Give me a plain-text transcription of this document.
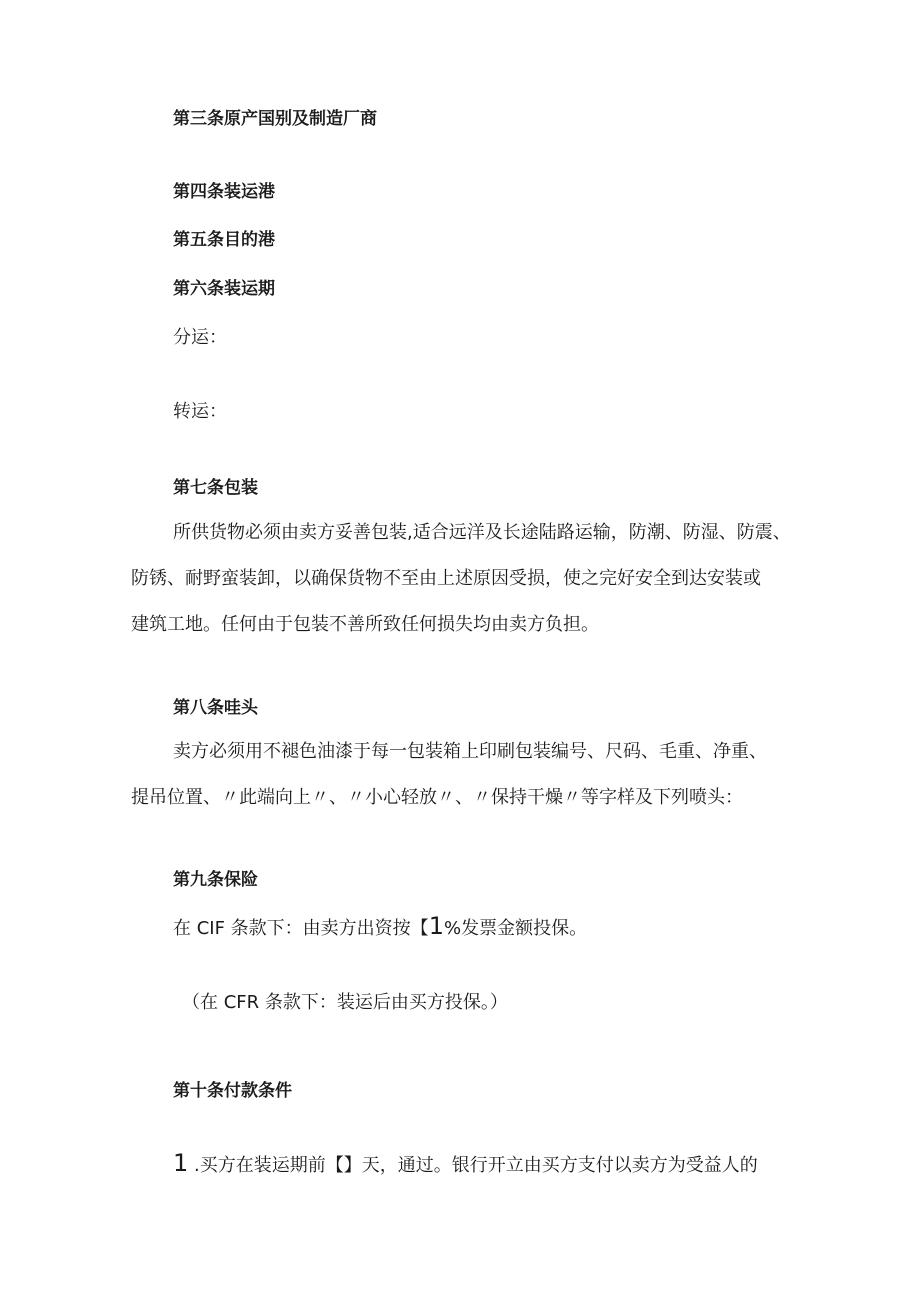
第三条原产国别及制造厂商
第四条装运港
第五条目的港
第六条装运期
分运：
转运：
第七条包装
所供货物必须由卖方妥善包装,适合远洋及长途陆路运输，防潮、防湿、防震、
防锈、耐野蛮装卸，以确保货物不至由上述原因受损，使之完好安全到达安装或
建筑工地。任何由于包装不善所致任何损失均由卖方负担。
第八条哇头
卖方必须用不褪色油漆于每一包装箱上印刷包装编号、尺码、毛重、净重、
提吊位置、〃此端向上〃、〃小心轻放〃、〃保持干燥〃等字样及下列喷头：
第九条保险
在 CIF 条款下：由卖方出资按【1%发票金额投保。
（在 CFR 条款下：装运后由买方投保。）
第十条付款条件
1 .买方在装运期前【】天，通过。银行开立由买方支付以卖方为受益人的
